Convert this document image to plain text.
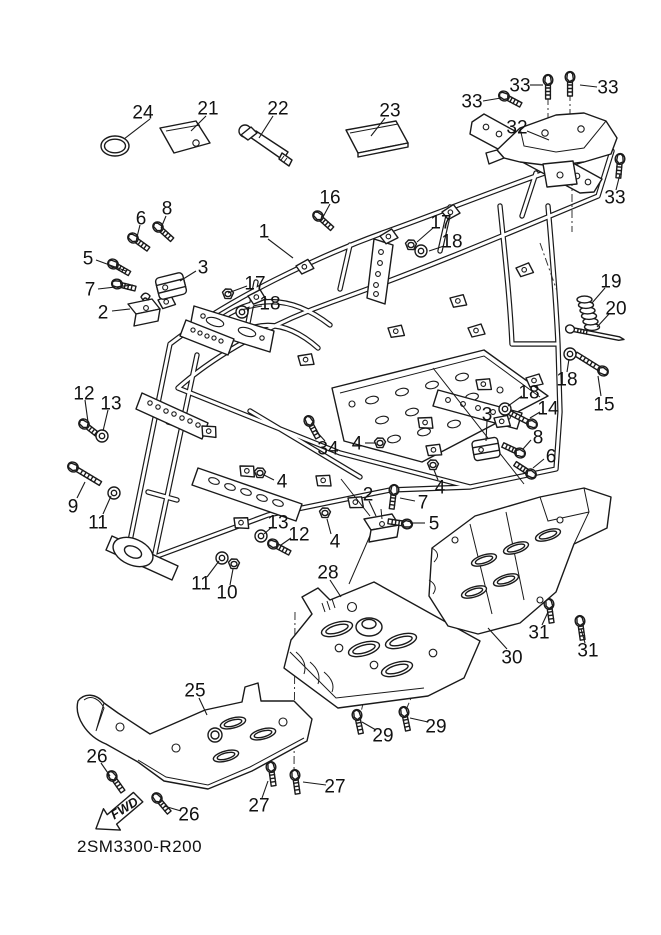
FWD
2SM3300-R200
24 21	22	23
33	33
33
32
33
16
8
6
1	17
18
5
7
3
2
17
18
19
20
18
15
18
14
3
8
6
4
12 13
9
11
4
34 4
2 7
5
13
12 4
11 10
28
31
31
30
25
29 29
26
26	27
27
